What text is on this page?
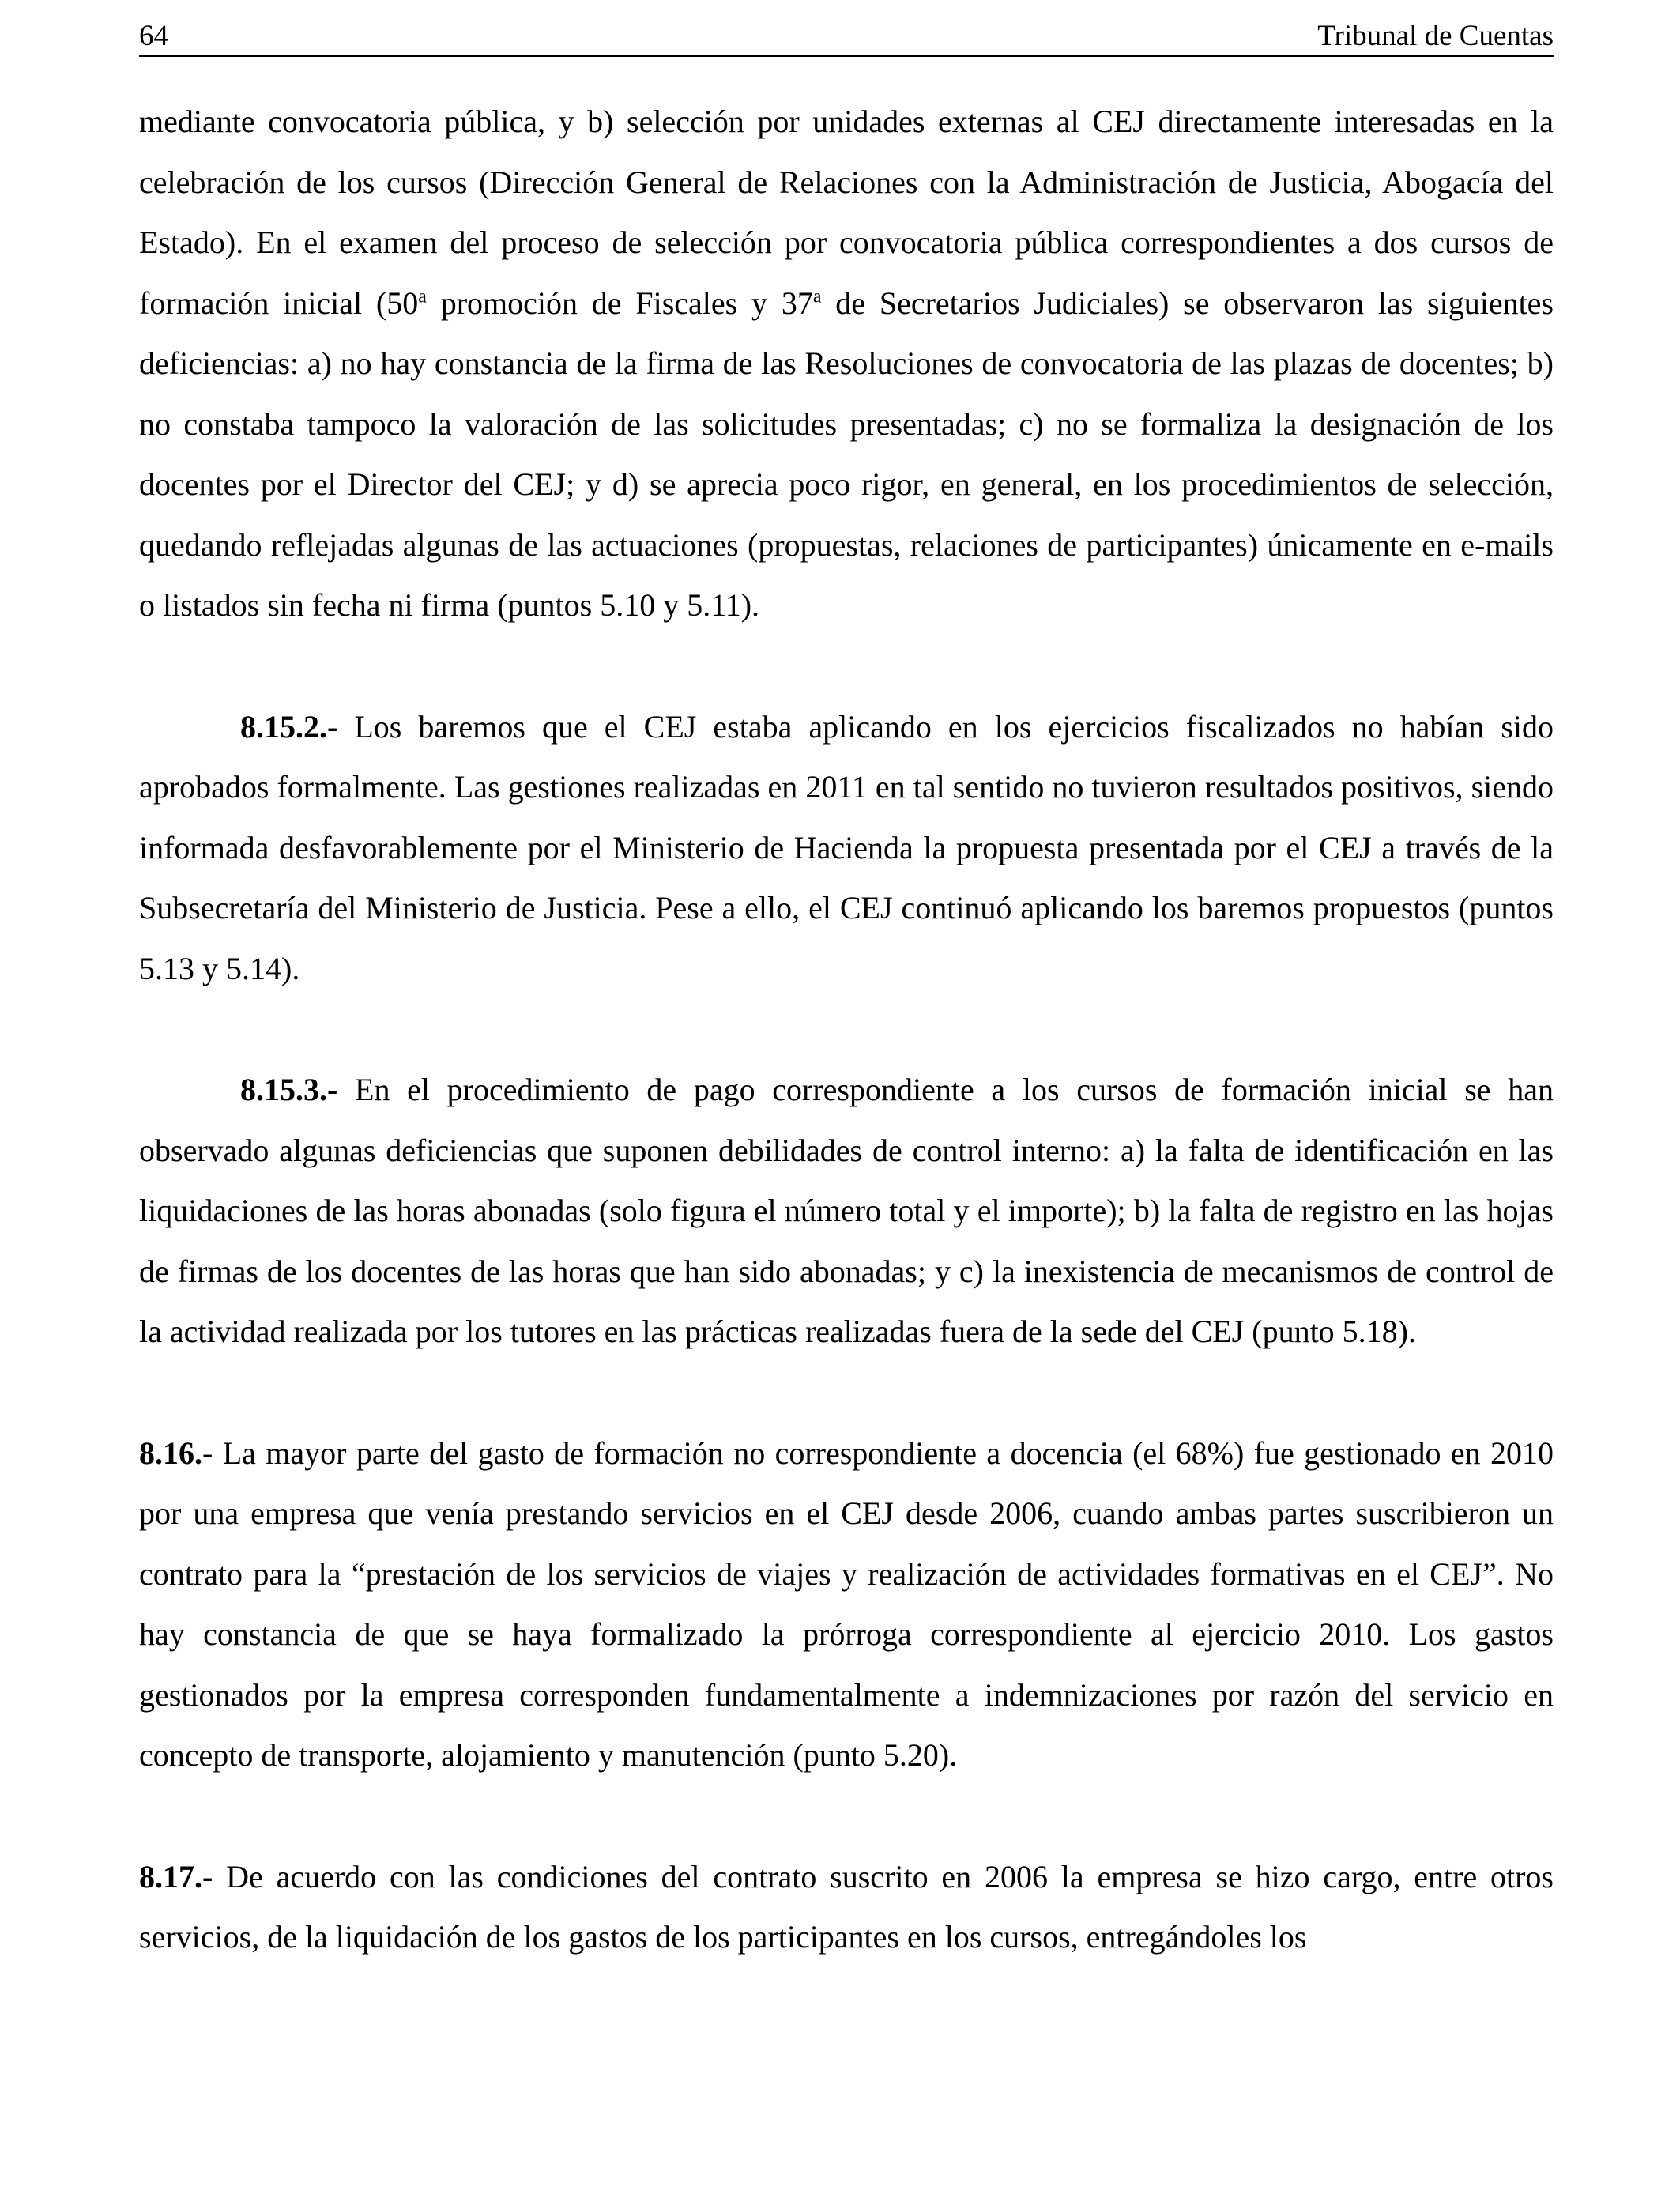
64	Tribunal de Cuentas

mediante convocatoria pública, y b) selección por unidades externas al CEJ directamente interesadas en la celebración de los cursos (Dirección General de Relaciones con la Administración de Justicia, Abogacía del Estado). En el examen del proceso de selección por convocatoria pública correspondientes a dos cursos de formación inicial (50$^a$ promoción de Fiscales y 37$^a$ de Secretarios Judiciales) se observaron las siguientes deficiencias: a) no hay constancia de la firma de las Resoluciones de convocatoria de las plazas de docentes; b) no constaba tampoco la valoración de las solicitudes presentadas; c) no se formaliza la designación de los docentes por el Director del CEJ; y d) se aprecia poco rigor, en general, en los procedimientos de selección, quedando reflejadas algunas de las actuaciones (propuestas, relaciones de participantes) únicamente en e-mails o listados sin fecha ni firma (puntos 5.10 y 5.11).

8.15.2.- Los baremos que el CEJ estaba aplicando en los ejercicios fiscalizados no habían sido aprobados formalmente. Las gestiones realizadas en 2011 en tal sentido no tuvieron resultados positivos, siendo informada desfavorablemente por el Ministerio de Hacienda la propuesta presentada por el CEJ a través de la Subsecretaría del Ministerio de Justicia. Pese a ello, el CEJ continuó aplicando los baremos propuestos (puntos 5.13 y 5.14).

8.15.3.- En el procedimiento de pago correspondiente a los cursos de formación inicial se han observado algunas deficiencias que suponen debilidades de control interno: a) la falta de identificación en las liquidaciones de las horas abonadas (solo figura el número total y el importe); b) la falta de registro en las hojas de firmas de los docentes de las horas que han sido abonadas; y c) la inexistencia de mecanismos de control de la actividad realizada por los tutores en las prácticas realizadas fuera de la sede del CEJ (punto 5.18).

8.16.- La mayor parte del gasto de formación no correspondiente a docencia (el 68%) fue gestionado en 2010 por una empresa que venía prestando servicios en el CEJ desde 2006, cuando ambas partes suscribieron un contrato para la “prestación de los servicios de viajes y realización de actividades formativas en el CEJ”. No hay constancia de que se haya formalizado la prórroga correspondiente al ejercicio 2010. Los gastos gestionados por la empresa corresponden fundamentalmente a indemnizaciones por razón del servicio en concepto de transporte, alojamiento y manutención (punto 5.20).

8.17.- De acuerdo con las condiciones del contrato suscrito en 2006 la empresa se hizo cargo, entre otros servicios, de la liquidación de los gastos de los participantes en los cursos, entregándoles los
